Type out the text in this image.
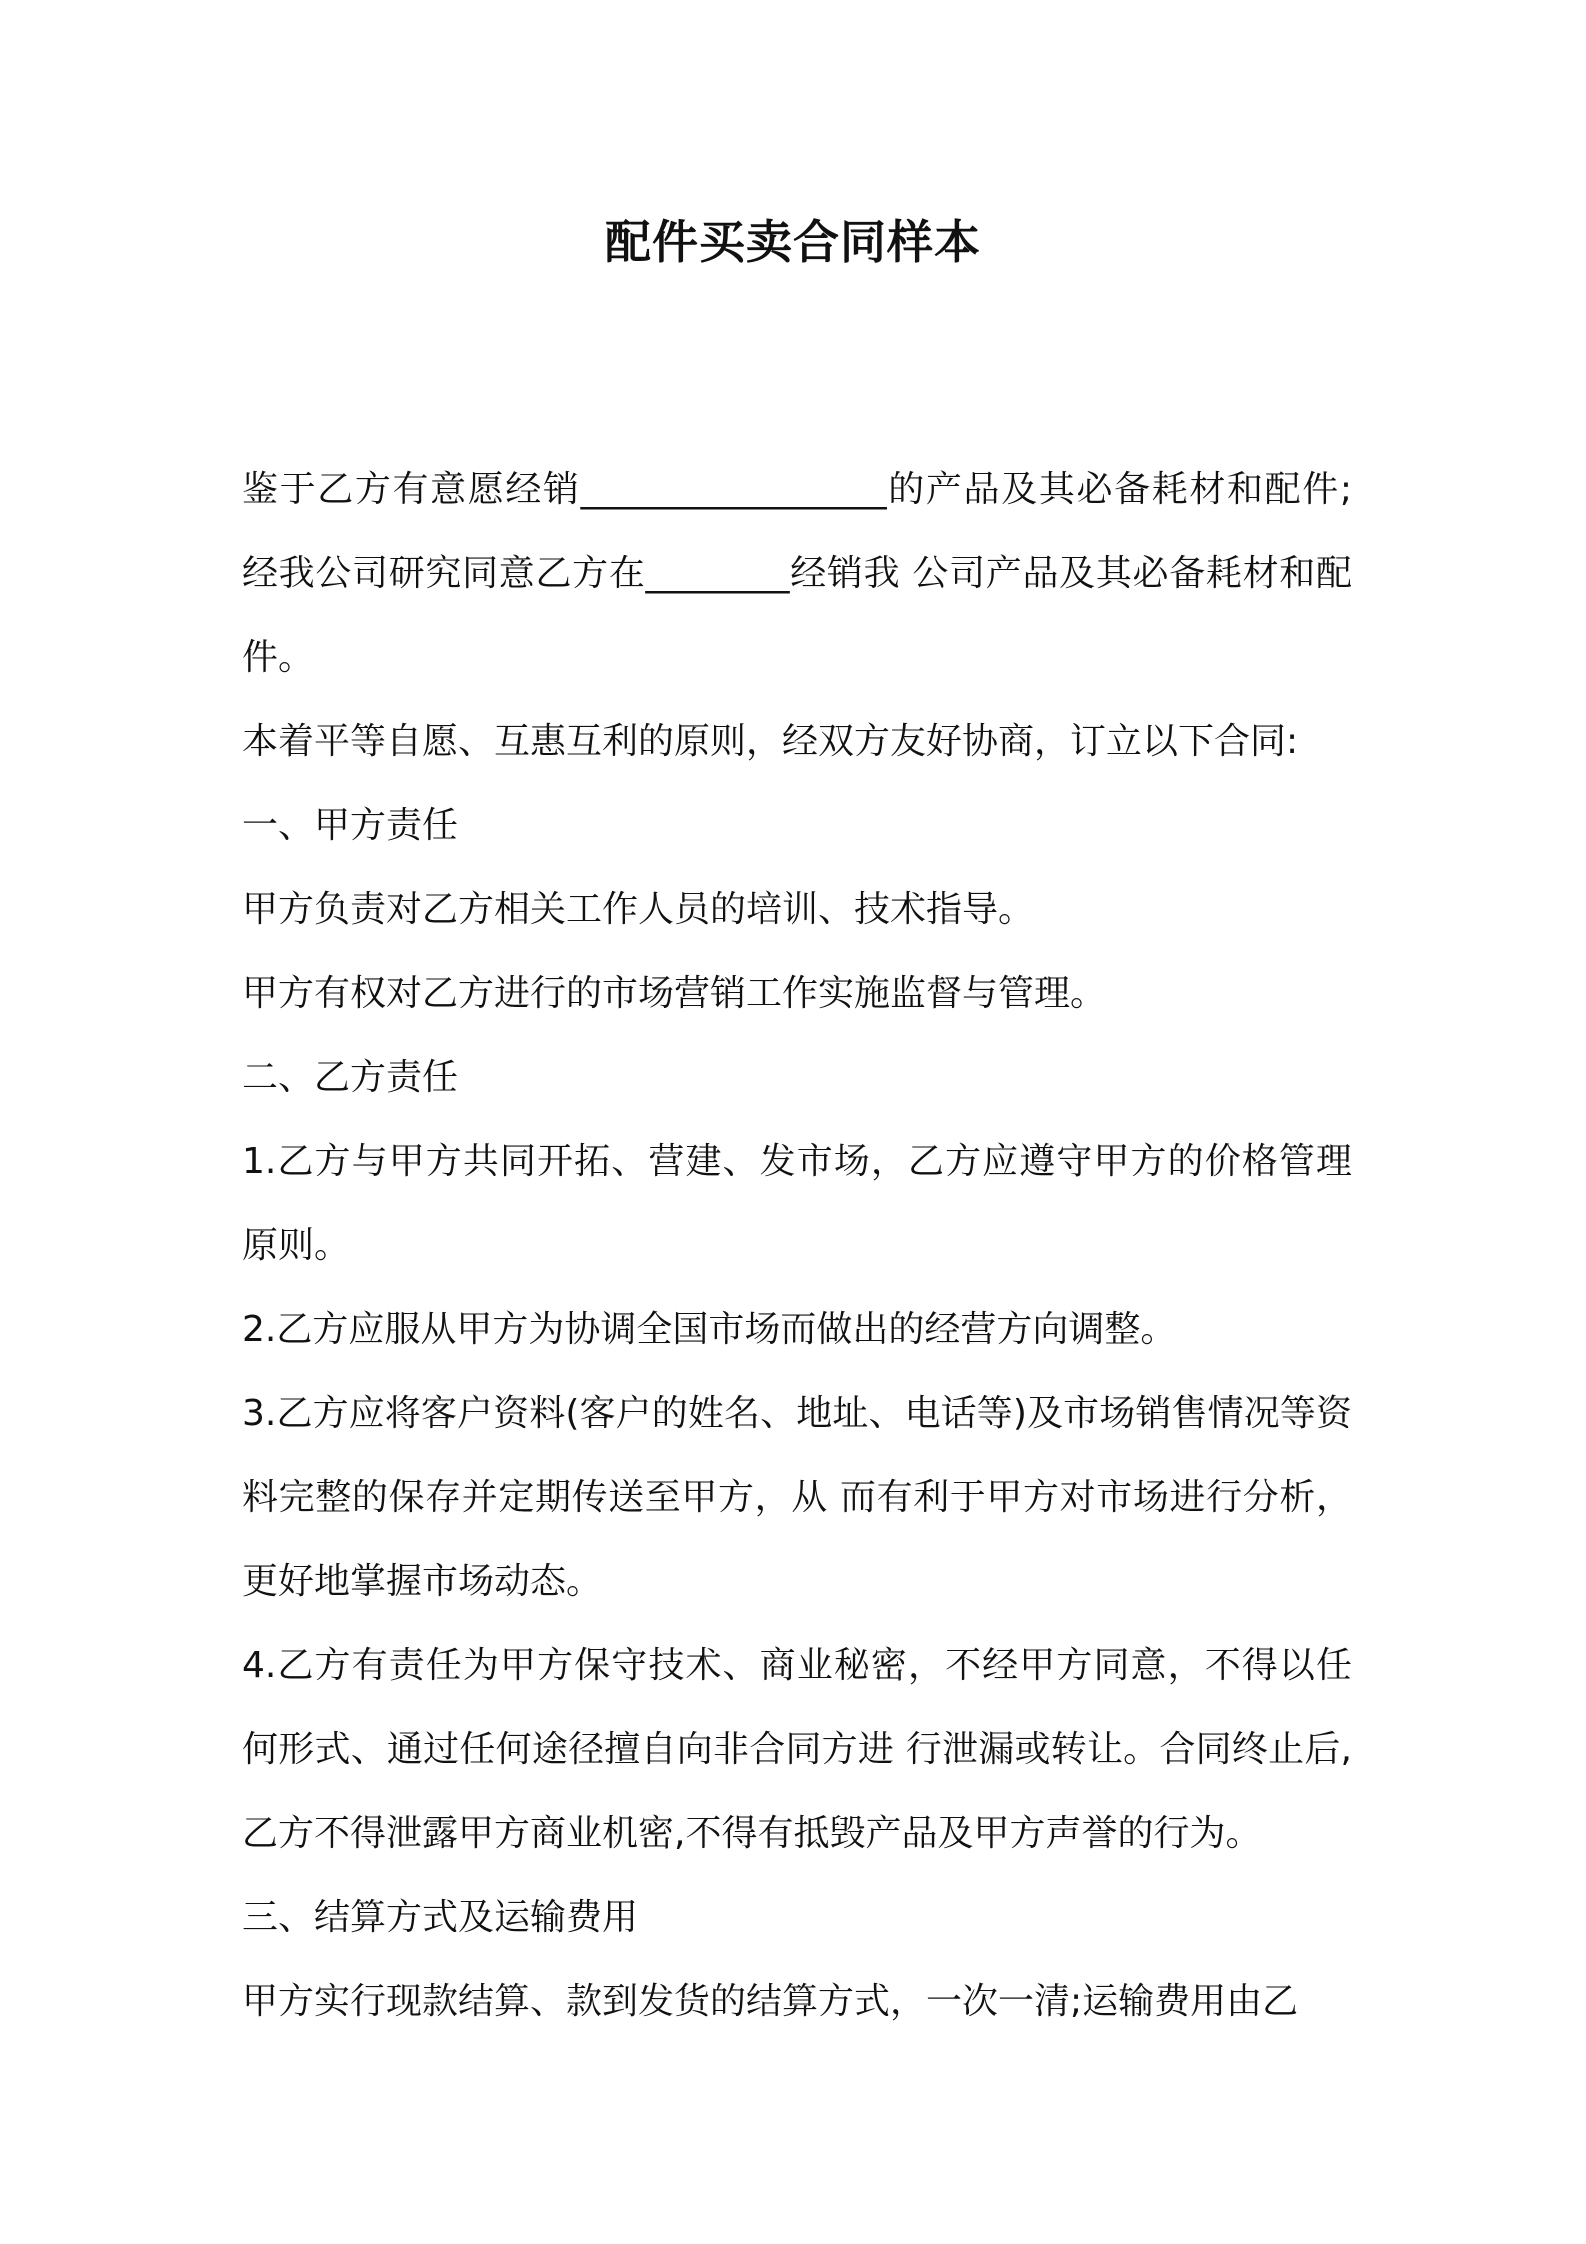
配件买卖合同样本

鉴于乙方有意愿经销_________________的产品及其必备耗材和配件;经我公司研究同意乙方在________经销我 公司产品及其必备耗材和配件。

本着平等自愿、互惠互利的原则，经双方友好协商，订立以下合同:

一、甲方责任

甲方负责对乙方相关工作人员的培训、技术指导。

甲方有权对乙方进行的市场营销工作实施监督与管理。

二、乙方责任

1.乙方与甲方共同开拓、营建、发市场，乙方应遵守甲方的价格管理原则。

2.乙方应服从甲方为协调全国市场而做出的经营方向调整。

3.乙方应将客户资料(客户的姓名、地址、电话等)及市场销售情况等资料完整的保存并定期传送至甲方，从 而有利于甲方对市场进行分析，更好地掌握市场动态。

4.乙方有责任为甲方保守技术、商业秘密，不经甲方同意，不得以任何形式、通过任何途径擅自向非合同方进 行泄漏或转让。合同终止后,乙方不得泄露甲方商业机密,不得有抵毁产品及甲方声誉的行为。

三、结算方式及运输费用

甲方实行现款结算、款到发货的结算方式，一次一清;运输费用由乙
